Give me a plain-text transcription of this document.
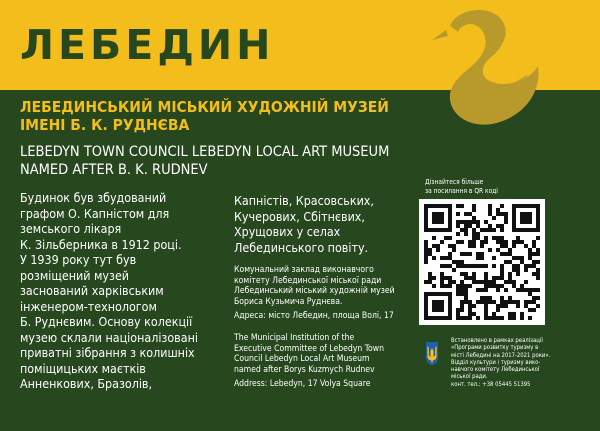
ЛЕБЕДИН
ЛЕБЕДИНСЬКИЙ МІСЬКИЙ ХУДОЖНІЙ МУЗЕЙ
ІМЕНІ Б. К. РУДНЄВА
LEBEDYN TOWN COUNCIL LEBEDYN LOCAL ART MUSEUM
NAMED AFTER B. K. RUDNEV
Будинок був збудований
графом О. Капністом для
земського лікаря
К. Зільберника в 1912 році.
У 1939 року тут був
розміщений музей
заснований харківським
інженером-технологом
Б. Руднєвим. Основу колекції
музею склали націоналізовані
приватні зібрання з колишніх
поміщицьких маєтків
Анненкових, Бразолів,
Капністів, Красовських,
Кучерових, Сбітнєвих,
Хрущових у селах
Лебединського повіту.
Комунальний заклад виконавчого
комітету Лебединської міської ради
Лебединський міський художній музей
Бориса Кузьмича Руднєва.
Адреса: місто Лебедин, площа Волі, 17
The Municipal Institution of the
Executive Committee of Lebedyn Town
Council Lebedyn Local Art Museum
named after Borys Kuzmych Rudnev
Address: Lebedyn, 17 Volya Square
Дізнайтеся більше
за посилання в QR коді
Встановлено в рамках реалізації
«Програми розвитку туризму в
місті Лебедині на 2017-2021 роки».
Відділ культури і туризму вико-
навчого комітету Лебединської
міської ради.
конт. тел.: +38 05445 51395
